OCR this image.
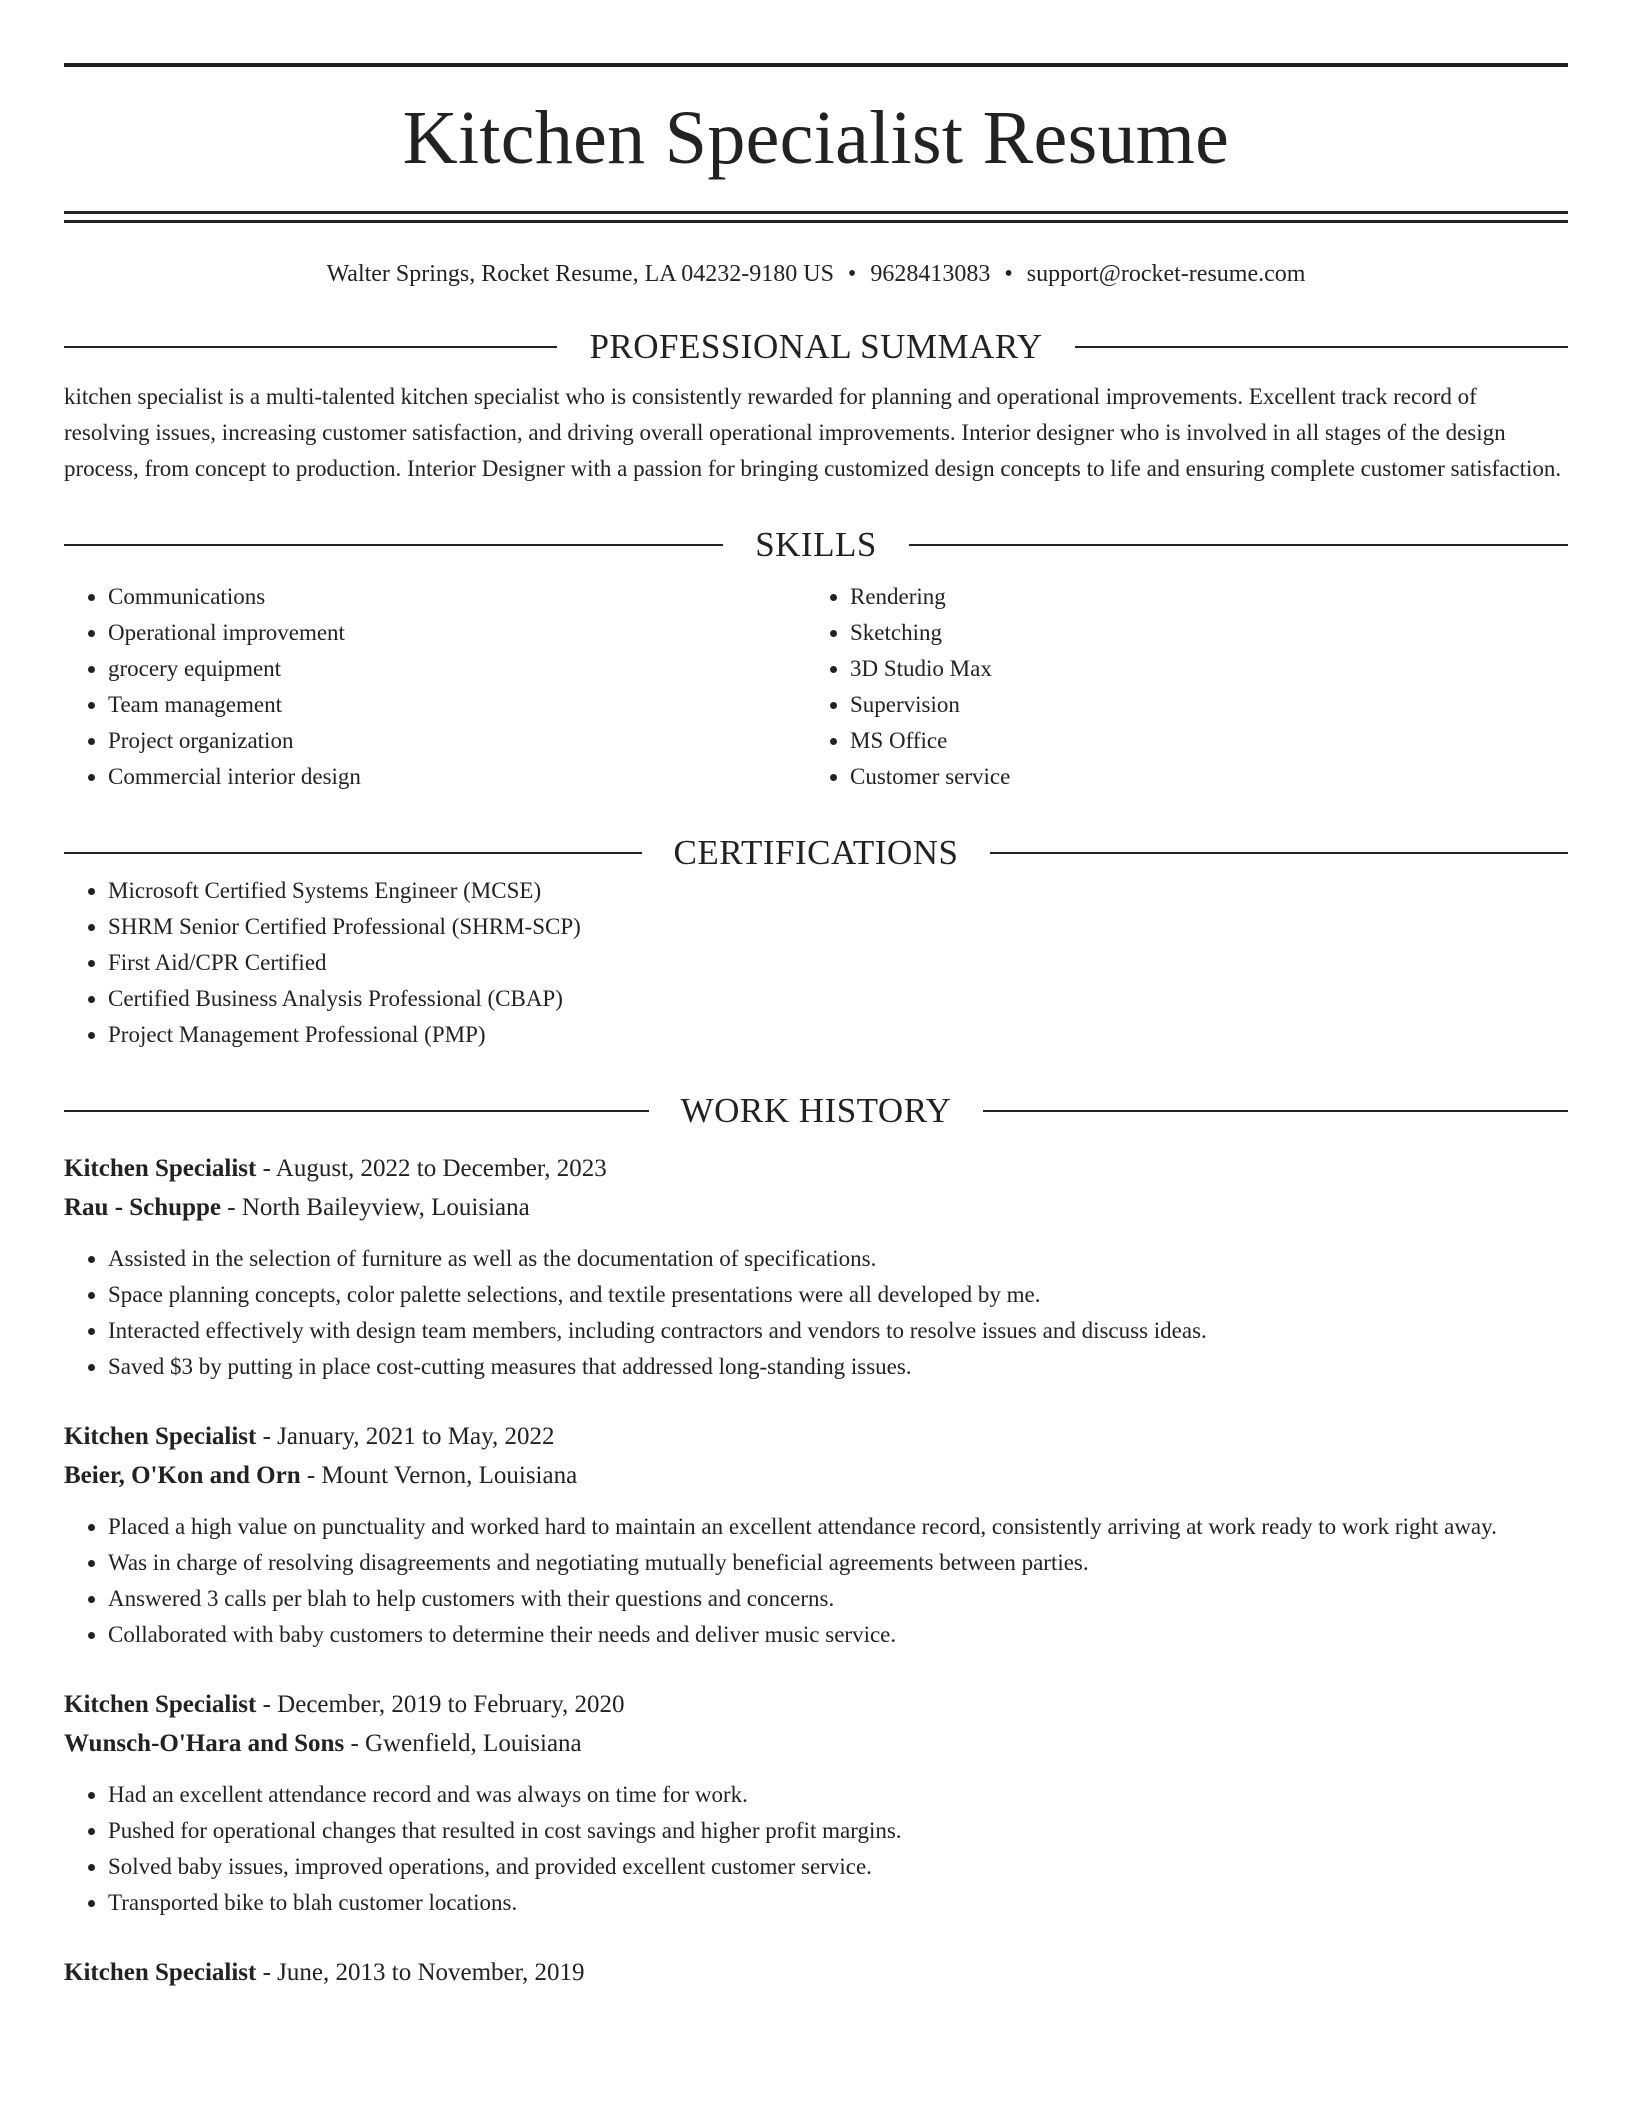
Kitchen Specialist Resume
Walter Springs, Rocket Resume, LA 04232-9180 US • 9628413083 • support@rocket-resume.com
PROFESSIONAL SUMMARY

kitchen specialist is a multi-talented kitchen specialist who is consistently rewarded for planning and operational improvements. Excellent track record of resolving issues, increasing customer satisfaction, and driving overall operational improvements. Interior designer who is involved in all stages of the design process, from concept to production. Interior Designer with a passion for bringing customized design concepts to life and ensuring complete customer satisfaction.

SKILLS
• Communications
• Operational improvement
• grocery equipment
• Team management
• Project organization
• Commercial interior design
• Rendering
• Sketching
• 3D Studio Max
• Supervision
• MS Office
• Customer service
CERTIFICATIONS
• Microsoft Certified Systems Engineer (MCSE)
• SHRM Senior Certified Professional (SHRM-SCP)
• First Aid/CPR Certified
• Certified Business Analysis Professional (CBAP)
• Project Management Professional (PMP)
WORK HISTORY
Kitchen Specialist - August, 2022 to December, 2023
Rau - Schuppe - North Baileyview, Louisiana
• Assisted in the selection of furniture as well as the documentation of specifications.
• Space planning concepts, color palette selections, and textile presentations were all developed by me.
• Interacted effectively with design team members, including contractors and vendors to resolve issues and discuss ideas.
• Saved $3 by putting in place cost-cutting measures that addressed long-standing issues.
Kitchen Specialist - January, 2021 to May, 2022
Beier, O'Kon and Orn - Mount Vernon, Louisiana
• Placed a high value on punctuality and worked hard to maintain an excellent attendance record, consistently arriving at work ready to work right away.
• Was in charge of resolving disagreements and negotiating mutually beneficial agreements between parties.
• Answered 3 calls per blah to help customers with their questions and concerns.
• Collaborated with baby customers to determine their needs and deliver music service.
Kitchen Specialist - December, 2019 to February, 2020
Wunsch-O'Hara and Sons - Gwenfield, Louisiana
• Had an excellent attendance record and was always on time for work.
• Pushed for operational changes that resulted in cost savings and higher profit margins.
• Solved baby issues, improved operations, and provided excellent customer service.
• Transported bike to blah customer locations.
Kitchen Specialist - June, 2013 to November, 2019
